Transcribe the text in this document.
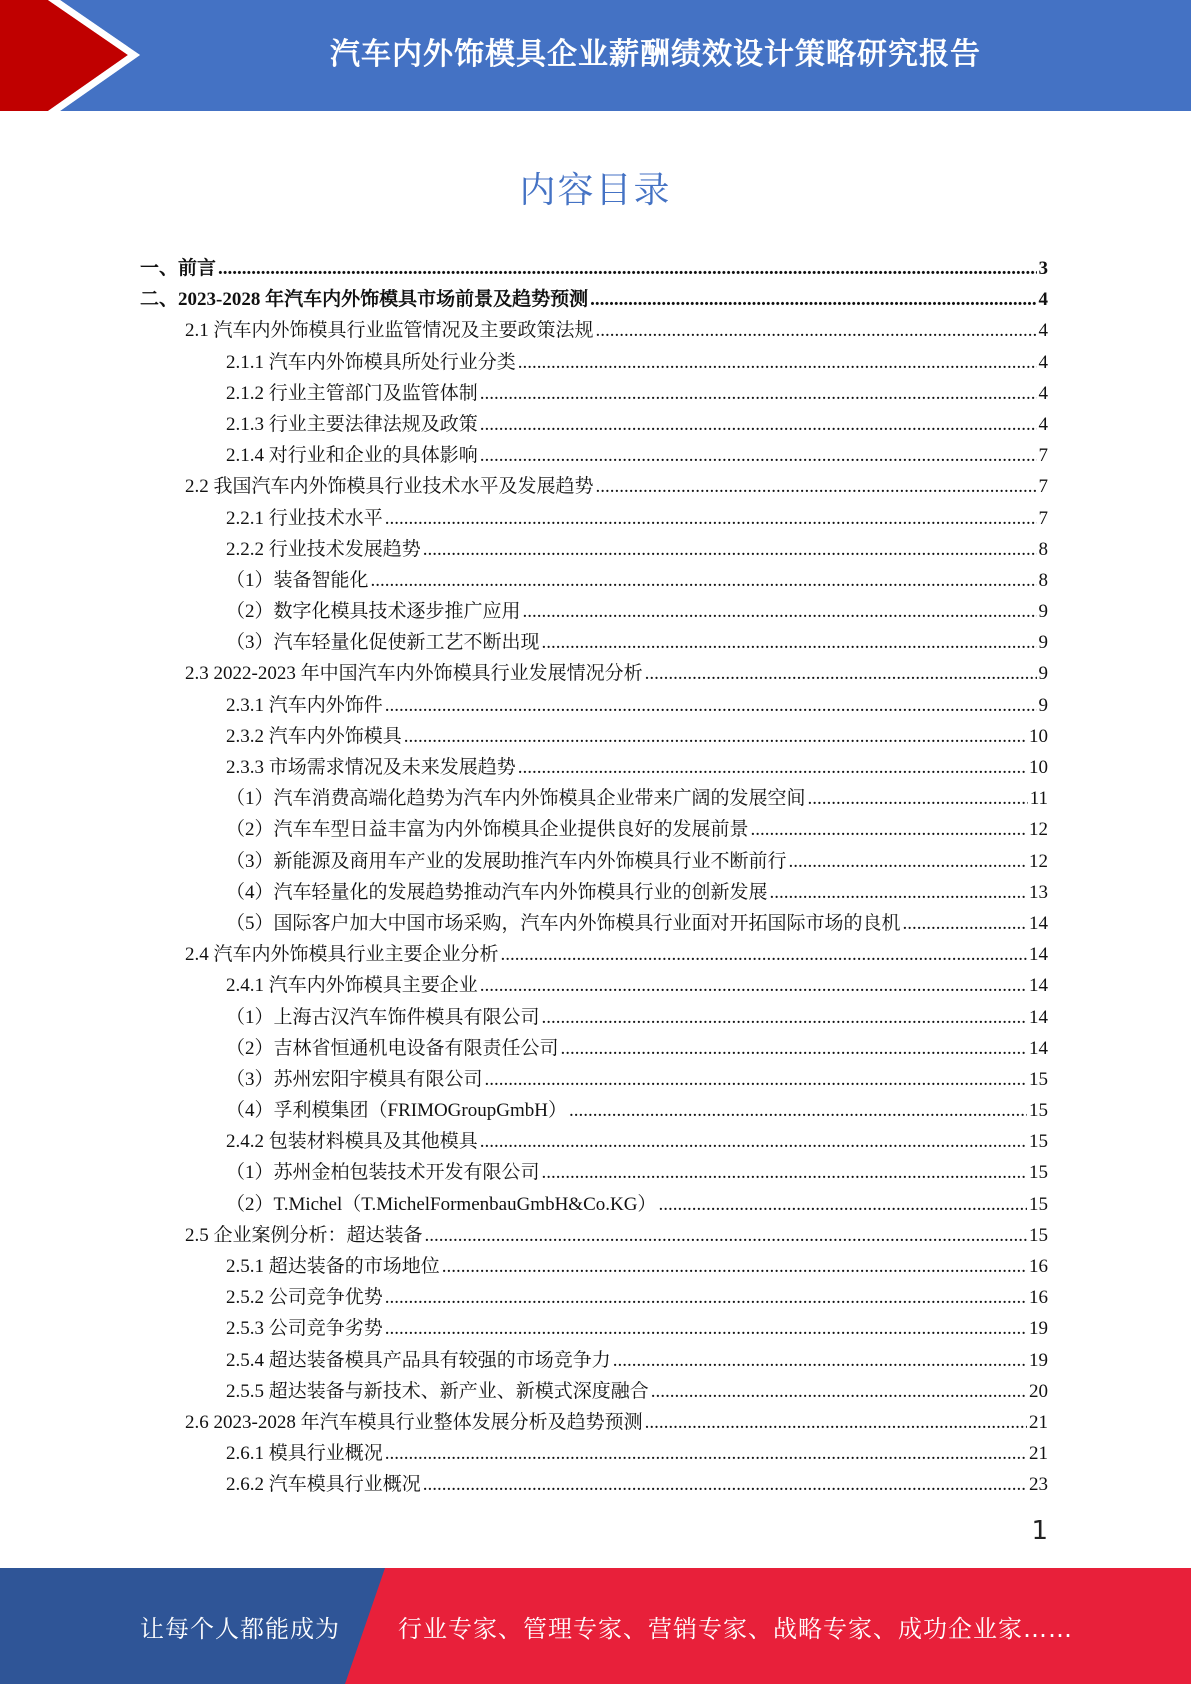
汽车内外饰模具企业薪酬绩效设计策略研究报告
内容目录
一、前言 .....	3
二、2023-2028 年汽车内外饰模具市场前景及趋势预测 .....	4
2.1 汽车内外饰模具行业监管情况及主要政策法规 .....	4
2.1.1 汽车内外饰模具所处行业分类 .....	4
2.1.2 行业主管部门及监管体制 .....	4
2.1.3 行业主要法律法规及政策 .....	4
2.1.4 对行业和企业的具体影响 .....	7
2.2 我国汽车内外饰模具行业技术水平及发展趋势 .....	7
2.2.1 行业技术水平 .....	7
2.2.2 行业技术发展趋势 .....	8
（1）装备智能化 .....	8
（2）数字化模具技术逐步推广应用 .....	9
（3）汽车轻量化促使新工艺不断出现 .....	9
2.3 2022-2023 年中国汽车内外饰模具行业发展情况分析 .....	9
2.3.1 汽车内外饰件 .....	9
2.3.2 汽车内外饰模具 .....	10
2.3.3 市场需求情况及未来发展趋势 .....	10
（1）汽车消费高端化趋势为汽车内外饰模具企业带来广阔的发展空间 .....	11
（2）汽车车型日益丰富为内外饰模具企业提供良好的发展前景 .....	12
（3）新能源及商用车产业的发展助推汽车内外饰模具行业不断前行 .....	12
（4）汽车轻量化的发展趋势推动汽车内外饰模具行业的创新发展 .....	13
（5）国际客户加大中国市场采购，汽车内外饰模具行业面对开拓国际市场的良机 .....	14
2.4 汽车内外饰模具行业主要企业分析 .....	14
2.4.1 汽车内外饰模具主要企业 .....	14
（1）上海古汉汽车饰件模具有限公司 .....	14
（2）吉林省恒通机电设备有限责任公司 .....	14
（3）苏州宏阳宇模具有限公司 .....	15
（4）孚利模集团（FRIMOGroupGmbH） .....	15
2.4.2 包装材料模具及其他模具 .....	15
（1）苏州金柏包装技术开发有限公司 .....	15
（2）T.Michel（T.MichelFormenbauGmbH&Co.KG） .....	15
2.5 企业案例分析：超达装备 .....	15
2.5.1 超达装备的市场地位 .....	16
2.5.2 公司竞争优势 .....	16
2.5.3 公司竞争劣势 .....	19
2.5.4 超达装备模具产品具有较强的市场竞争力 .....	19
2.5.5 超达装备与新技术、新产业、新模式深度融合 .....	20
2.6 2023-2028 年汽车模具行业整体发展分析及趋势预测 .....	21
2.6.1 模具行业概况 .....	21
2.6.2 汽车模具行业概况 .....	23
1
让每个人都能成为 行业专家、管理专家、营销专家、战略专家、成功企业家……
